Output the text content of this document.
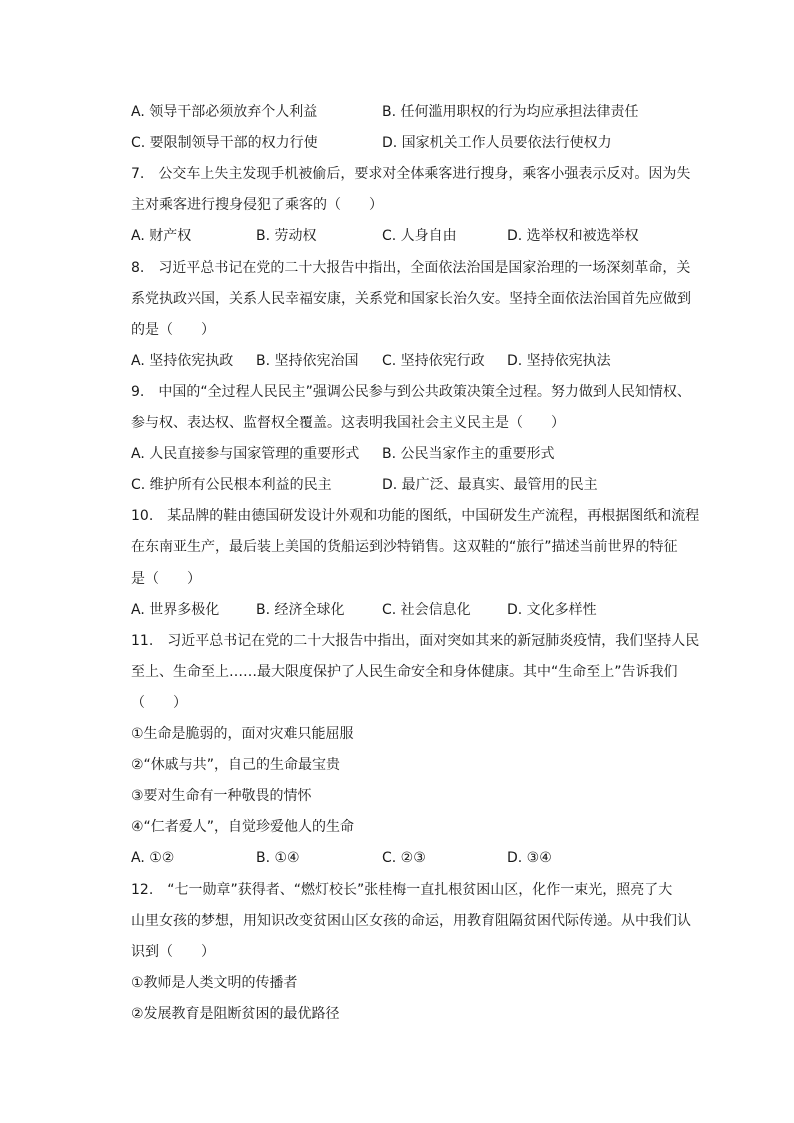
A. 领导干部必须放弃个人利益	B. 任何滥用职权的行为均应承担法律责任
C. 要限制领导干部的权力行使	D. 国家机关工作人员要依法行使权力
7.　公交车上失主发现手机被偷后，要求对全体乘客进行搜身，乘客小强表示反对。因为失
主对乘客进行搜身侵犯了乘客的（　　）
A. 财产权	B. 劳动权	C. 人身自由	D. 选举权和被选举权
8.　习近平总书记在党的二十大报告中指出，全面依法治国是国家治理的一场深刻革命，关
系党执政兴国，关系人民幸福安康，关系党和国家长治久安。坚持全面依法治国首先应做到
的是（　　）
A. 坚持依宪执政 B. 坚持依宪治国 C. 坚持依宪行政 D. 坚持依宪执法
9.　中国的“全过程人民民主”强调公民参与到公共政策决策全过程。努力做到人民知情权、
参与权、表达权、监督权全覆盖。这表明我国社会主义民主是（　　）
A. 人民直接参与国家管理的重要形式 B. 公民当家作主的重要形式
C. 维护所有公民根本利益的民主	D. 最广泛、最真实、最管用的民主
10.　某品牌的鞋由德国研发设计外观和功能的图纸，中国研发生产流程，再根据图纸和流程
在东南亚生产，最后装上美国的货船运到沙特销售。这双鞋的“旅行”描述当前世界的特征
是（　　）
A. 世界多极化	B. 经济全球化	C. 社会信息化	D. 文化多样性
11.　习近平总书记在党的二十大报告中指出，面对突如其来的新冠肺炎疫情，我们坚持人民
至上、生命至上……最大限度保护了人民生命安全和身体健康。其中“生命至上”告诉我们
（　　）
①生命是脆弱的，面对灾难只能屈服
②“休戚与共”，自己的生命最宝贵
③要对生命有一种敬畏的情怀
④“仁者爱人”，自觉珍爱他人的生命
A. ①②	B. ①④	C. ②③	D. ③④
12.　“七一勋章”获得者、“燃灯校长”张桂梅一直扎根贫困山区，化作一束光，照亮了大
山里女孩的梦想，用知识改变贫困山区女孩的命运，用教育阻隔贫困代际传递。从中我们认
识到（　　）
①教师是人类文明的传播者
②发展教育是阻断贫困的最优路径
